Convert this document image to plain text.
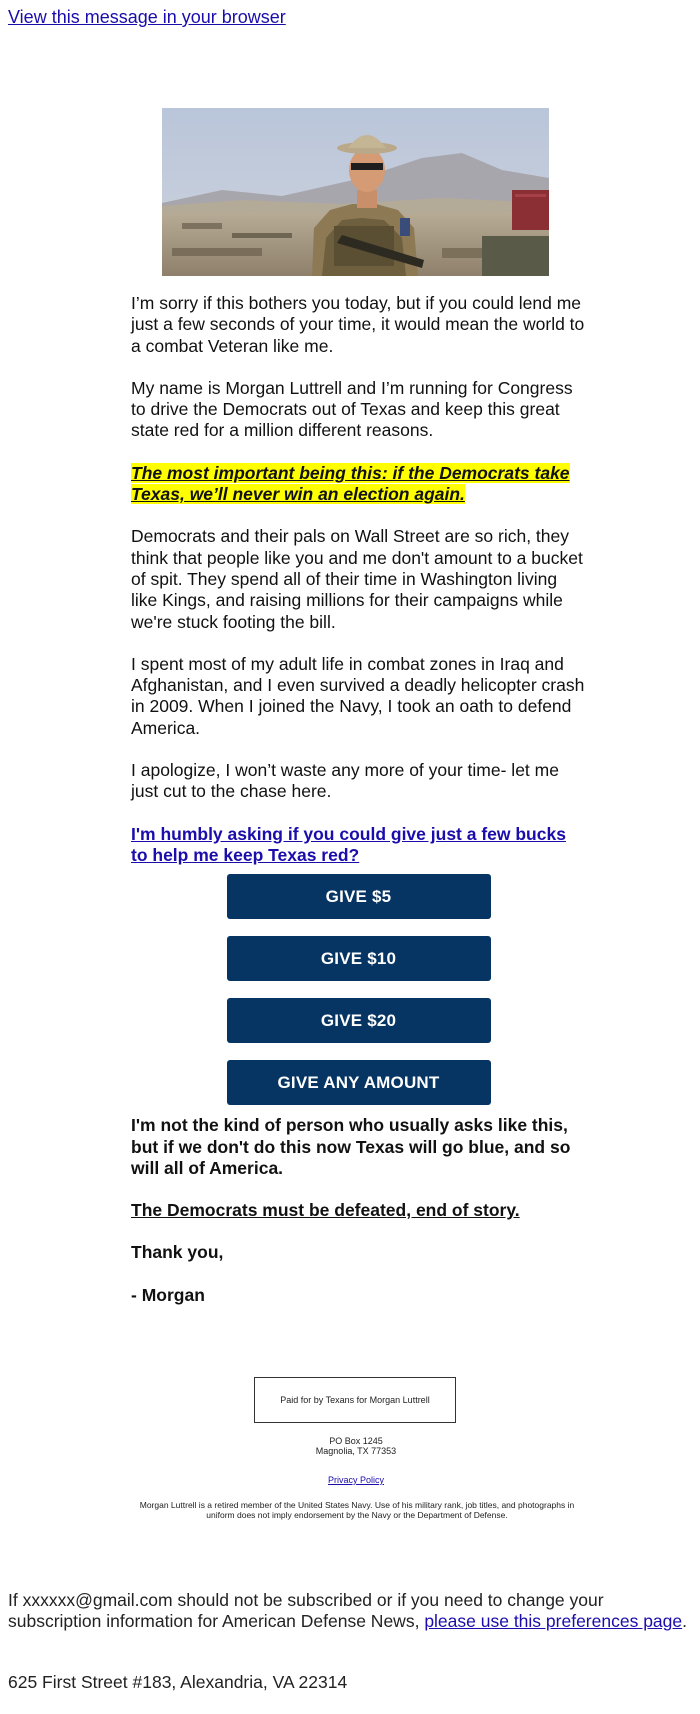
View this message in your browser

I’m sorry if this bothers you today, but if you could lend me just a few seconds of your time, it would mean the world to a combat Veteran like me.

My name is Morgan Luttrell and I’m running for Congress to drive the Democrats out of Texas and keep this great state red for a million different reasons.

The most important being this: if the Democrats take Texas, we’ll never win an election again.

Democrats and their pals on Wall Street are so rich, they think that people like you and me don't amount to a bucket of spit. They spend all of their time in Washington living like Kings, and raising millions for their campaigns while we're stuck footing the bill.

I spent most of my adult life in combat zones in Iraq and Afghanistan, and I even survived a deadly helicopter crash in 2009. When I joined the Navy, I took an oath to defend America.

I apologize, I won’t waste any more of your time- let me just cut to the chase here.

I'm humbly asking if you could give just a few bucks to help me keep Texas red?
GIVE $5
GIVE $10
GIVE $20
GIVE ANY AMOUNT

I'm not the kind of person who usually asks like this, but if we don't do this now Texas will go blue, and so will all of America.

The Democrats must be defeated, end of story.

Thank you,

- Morgan

Paid for by Texans for Morgan Luttrell
PO Box 1245
Magnolia, TX 77353
Privacy Policy
Morgan Luttrell is a retired member of the United States Navy. Use of his military rank, job titles, and photographs in uniform does not imply endorsement by the Navy or the Department of Defense.
If xxxxxx@gmail.com should not be subscribed or if you need to change your subscription information for American Defense News, please use this preferences page.
625 First Street #183, Alexandria, VA 22314
